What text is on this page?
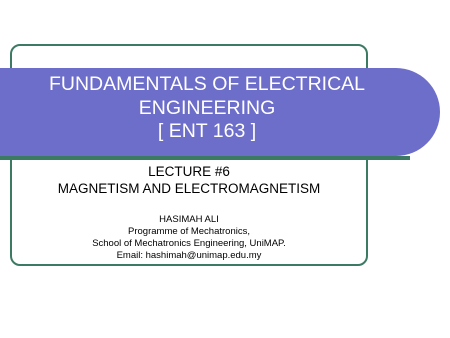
FUNDAMENTALS OF ELECTRICAL
ENGINEERING
[ ENT 163 ]
LECTURE #6
MAGNETISM AND ELECTROMAGNETISM
HASIMAH ALI
Programme of Mechatronics,
School of Mechatronics Engineering, UniMAP.
Email: hashimah@unimap.edu.my
